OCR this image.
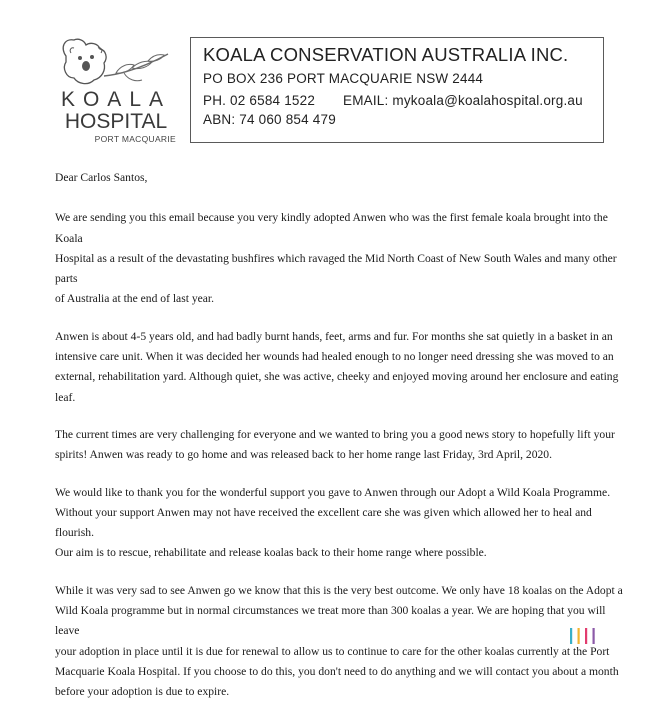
KOALA
HOSPITAL
PORT MACQUARIE
KOALA CONSERVATION AUSTRALIA INC.
PO BOX 236 PORT MACQUARIE NSW 2444
PH. 02 6584 1522 EMAIL: mykoala@koalahospital.org.au
ABN: 74 060 854 479

Dear Carlos Santos,

We are sending you this email because you very kindly adopted Anwen who was the first female koala brought into the Koala
Hospital as a result of the devastating bushfires which ravaged the Mid North Coast of New South Wales and many other parts
of Australia at the end of last year.

Anwen is about 4-5 years old, and had badly burnt hands, feet, arms and fur. For months she sat quietly in a basket in an
intensive care unit. When it was decided her wounds had healed enough to no longer need dressing she was moved to an
external, rehabilitation yard. Although quiet, she was active, cheeky and enjoyed moving around her enclosure and eating leaf.

The current times are very challenging for everyone and we wanted to bring you a good news story to hopefully lift your
spirits! Anwen was ready to go home and was released back to her home range last Friday, 3rd April, 2020.

We would like to thank you for the wonderful support you gave to Anwen through our Adopt a Wild Koala Programme.
Without your support Anwen may not have received the excellent care she was given which allowed her to heal and flourish.
Our aim is to rescue, rehabilitate and release koalas back to their home range where possible.

While it was very sad to see Anwen go we know that this is the very best outcome. We only have 18 koalas on the Adopt a
Wild Koala programme but in normal circumstances we treat more than 300 koalas a year. We are hoping that you will leave
your adoption in place until it is due for renewal to allow us to continue to care for the other koalas currently at the Port
Macquarie Koala Hospital. If you choose to do this, you don't need to do anything and we will contact you about a month
before your adoption is due to expire.
